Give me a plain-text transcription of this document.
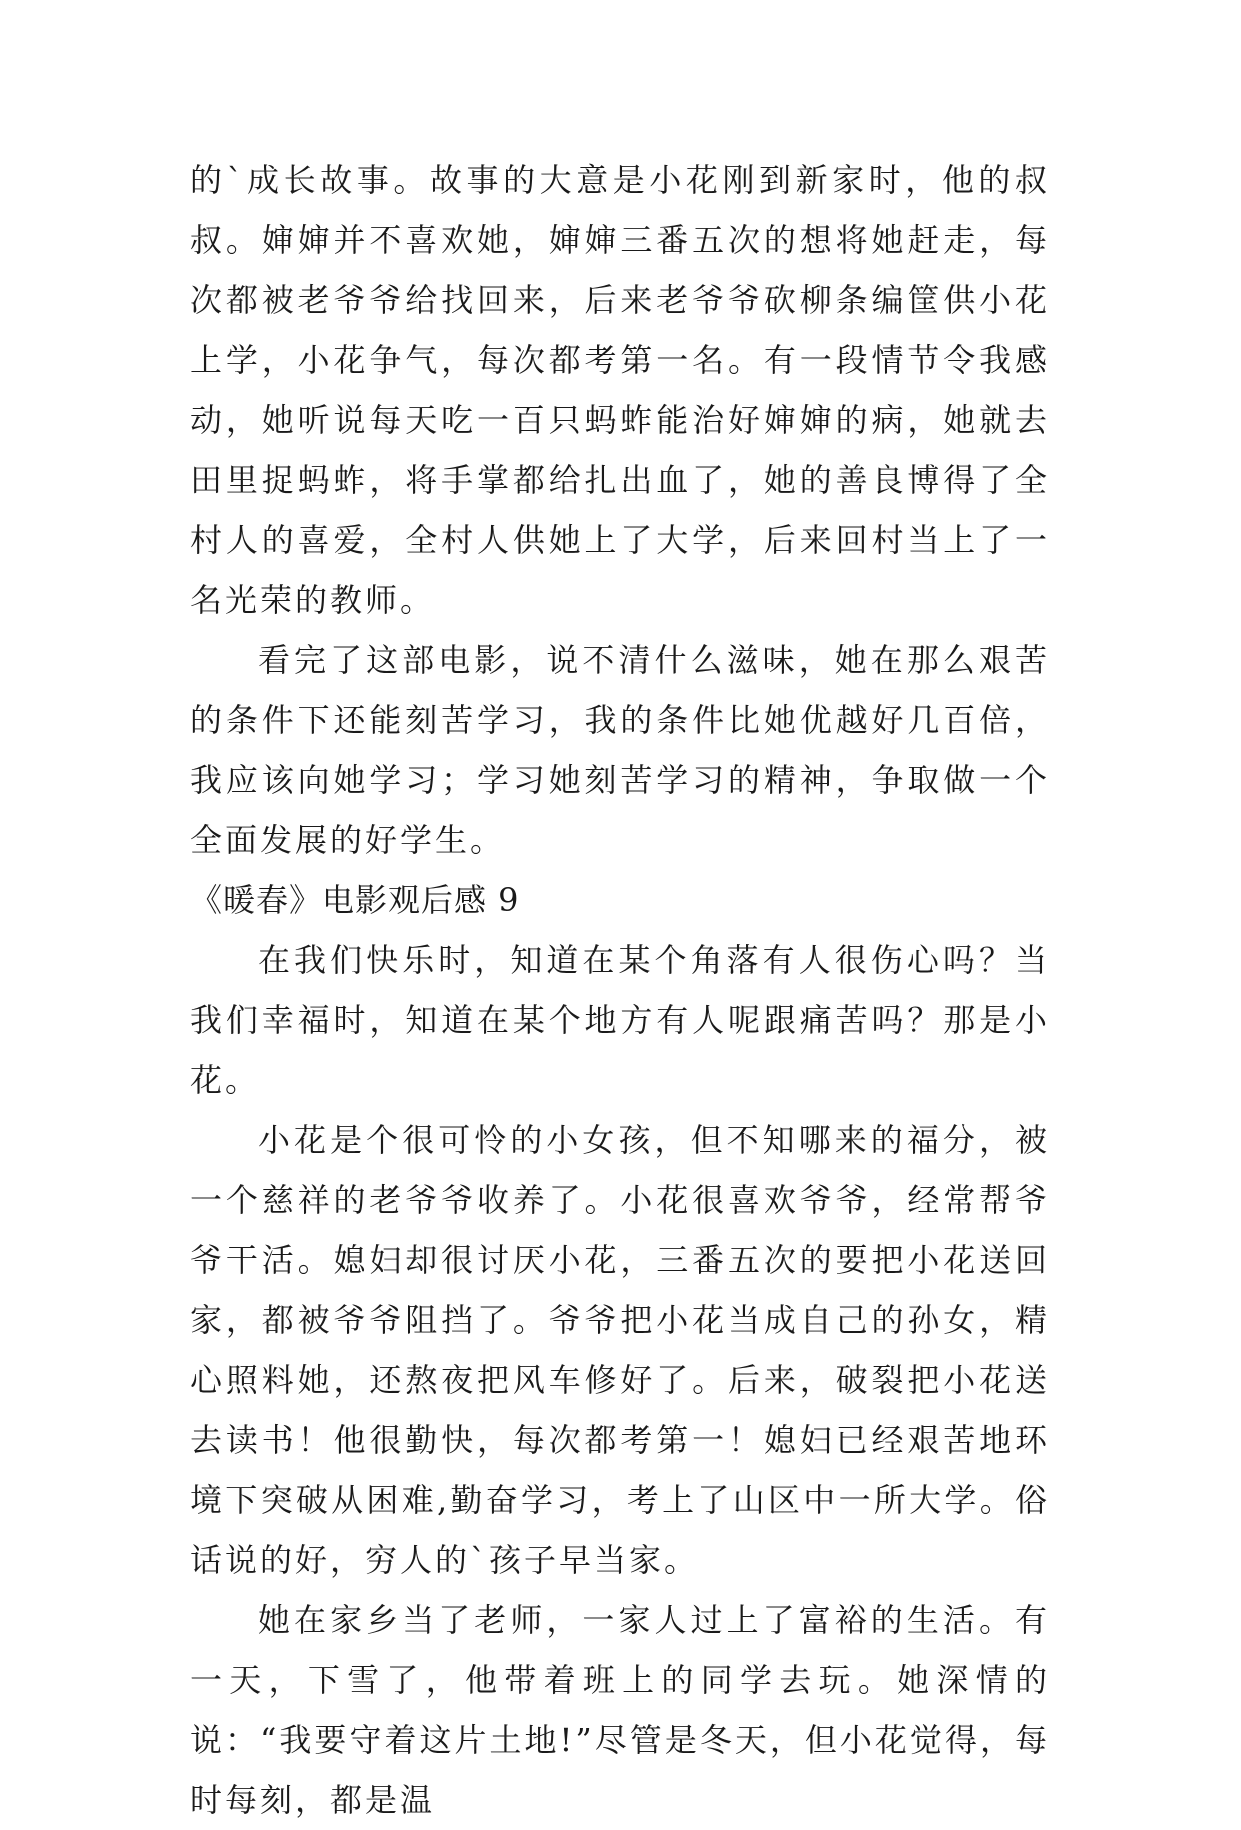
的`成长故事。故事的大意是小花刚到新家时，他的叔叔。婶婶并不喜欢她，婶婶三番五次的想将她赶走，每次都被老爷爷给找回来，后来老爷爷砍柳条编筐供小花上学，小花争气，每次都考第一名。有一段情节令我感动，她听说每天吃一百只蚂蚱能治好婶婶的病，她就去田里捉蚂蚱，将手掌都给扎出血了，她的善良博得了全村人的喜爱，全村人供她上了大学，后来回村当上了一名光荣的教师。

看完了这部电影，说不清什么滋味，她在那么艰苦的条件下还能刻苦学习，我的条件比她优越好几百倍，我应该向她学习；学习她刻苦学习的精神，争取做一个全面发展的好学生。

《暖春》电影观后感 9

在我们快乐时，知道在某个角落有人很伤心吗？当我们幸福时，知道在某个地方有人呢跟痛苦吗？那是小花。

小花是个很可怜的小女孩，但不知哪来的福分，被一个慈祥的老爷爷收养了。小花很喜欢爷爷，经常帮爷爷干活。媳妇却很讨厌小花，三番五次的要把小花送回家，都被爷爷阻挡了。爷爷把小花当成自己的孙女，精心照料她，还熬夜把风车修好了。后来，破裂把小花送去读书！他很勤快，每次都考第一！媳妇已经艰苦地环境下突破从困难,勤奋学习，考上了山区中一所大学。俗话说的好，穷人的`孩子早当家。

她在家乡当了老师，一家人过上了富裕的生活。有一天，下雪了，他带着班上的同学去玩。她深情的说：“我要守着这片土地!”尽管是冬天，但小花觉得，每时每刻，都是温
